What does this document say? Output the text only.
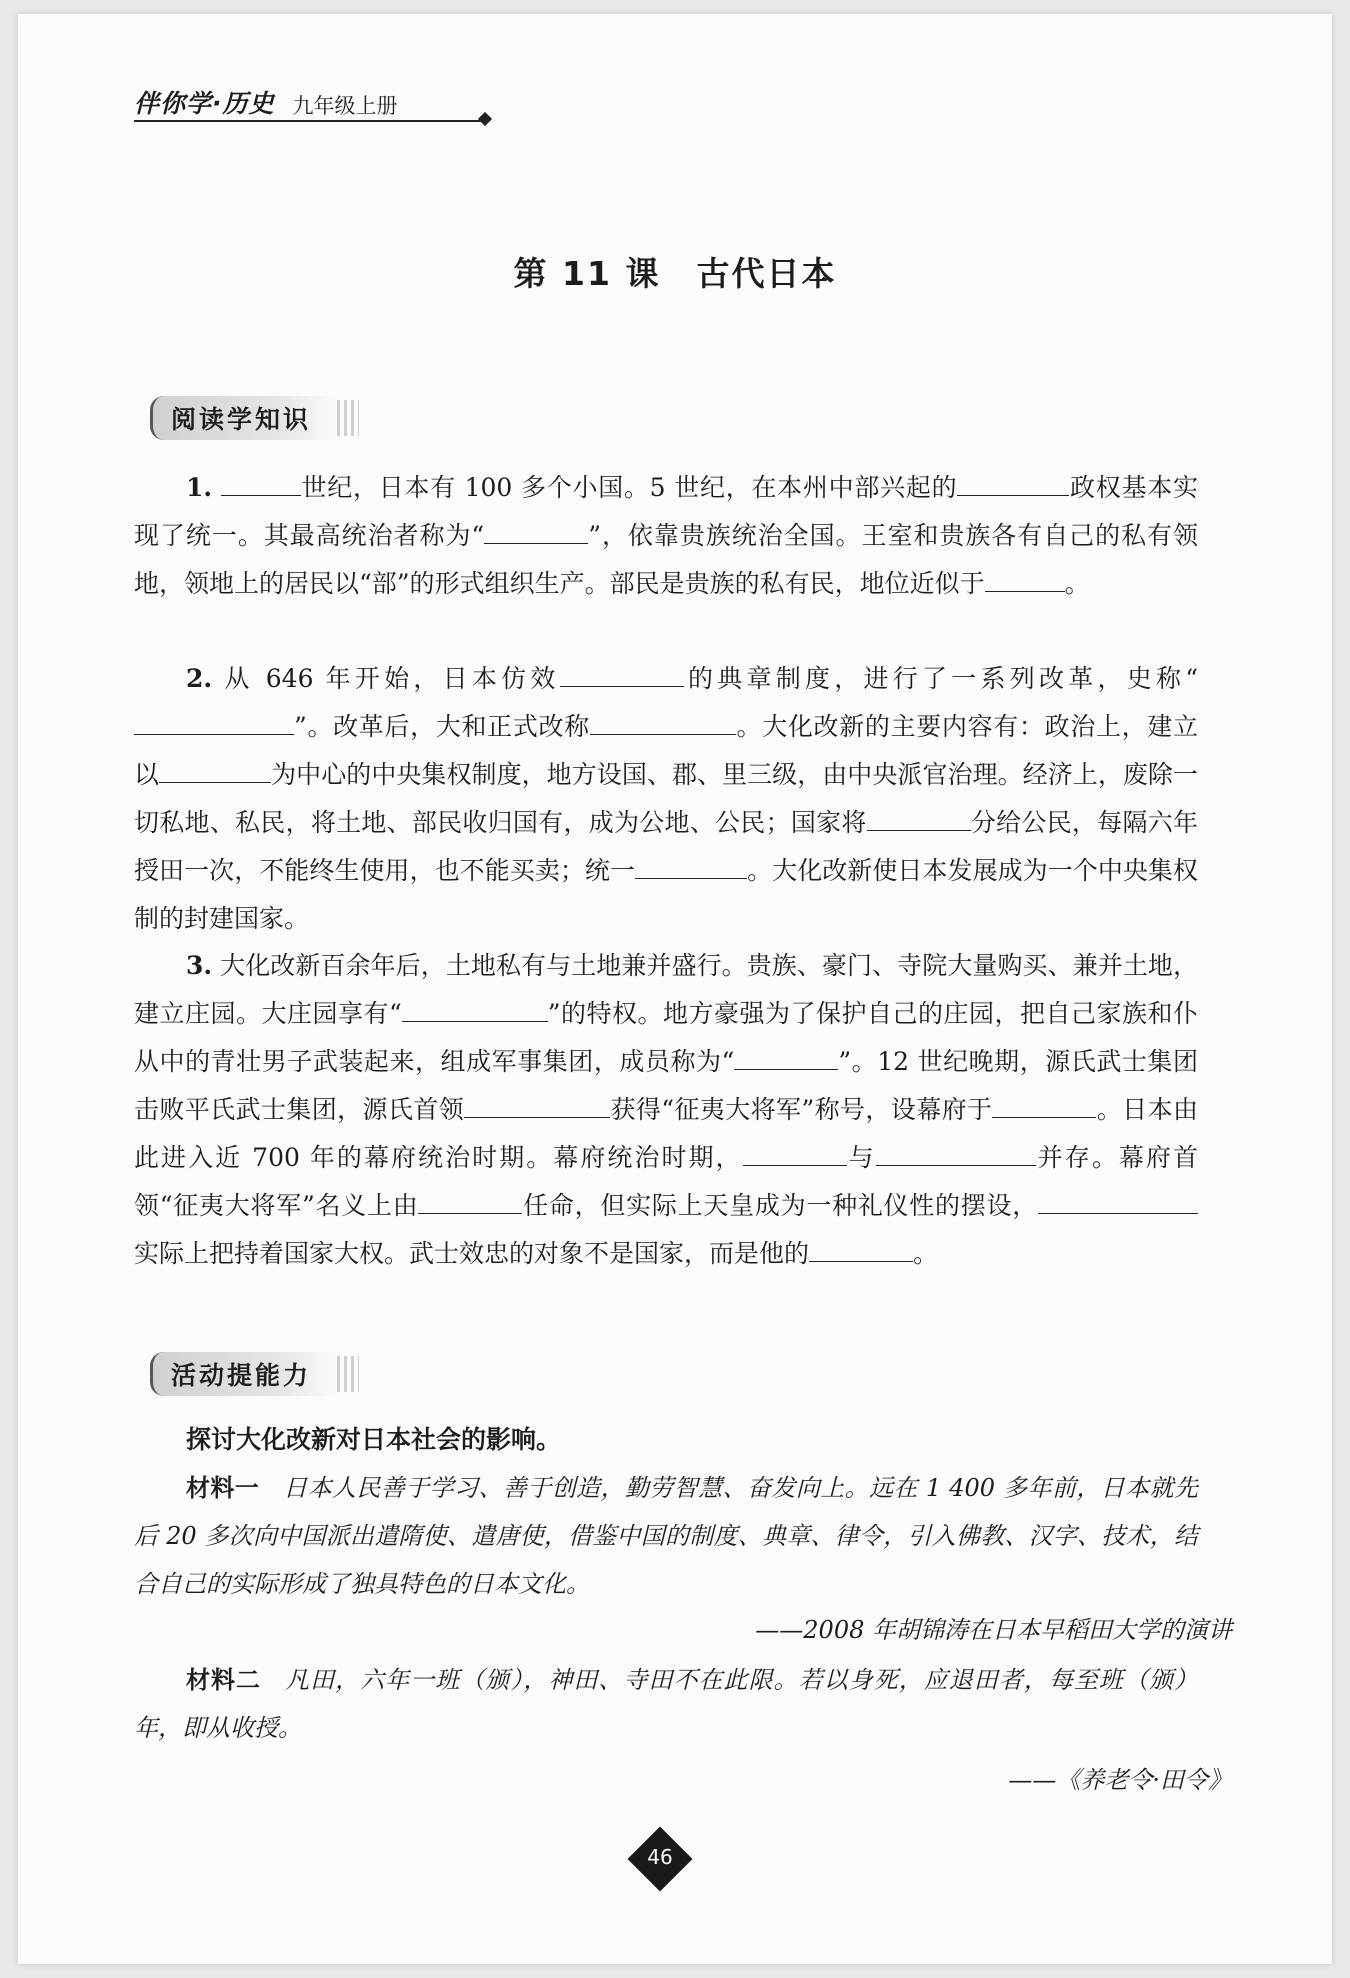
伴你学·历史 九年级上册
第 11 课 古代日本
阅读学知识

1.	世纪，日本有 100 多个小国。5 世纪，在本州中部兴起的	政权基本实现了统一。其最高统治者称为“	”，依靠贵族统治全国。王室和贵族各有自己的私有领地，领地上的居民以“部”的形式组织生产。部民是贵族的私有民，地位近似于	。

2. 从 646 年开始，日本仿效	的典章制度，进行了一系列改革，史称“”。改革后，大和正式改称	。大化改新的主要内容有：政治上，建立以	为中心的中央集权制度，地方设国、郡、里三级，由中央派官治理。经济上，废除一切私地、私民，将土地、部民收归国有，成为公地、公民；国家将	分给公民，每隔六年授田一次，不能终生使用，也不能买卖；统一	。大化改新使日本发展成为一个中央集权制的封建国家。

3. 大化改新百余年后，土地私有与土地兼并盛行。贵族、豪门、寺院大量购买、兼并土地，建立庄园。大庄园享有“	”的特权。地方豪强为了保护自己的庄园，把自己家族和仆从中的青壮男子武装起来，组成军事集团，成员称为“	”。12 世纪晚期，源氏武士集团击败平氏武士集团，源氏首领	获得“征夷大将军”称号，设幕府于	。日本由此进入近 700 年的幕府统治时期。幕府统治时期，	与	并存。幕府首领“征夷大将军”名义上由	任命，但实际上天皇成为一种礼仪性的摆设，实际上把持着国家大权。武士效忠的对象不是国家，而是他的	。

活动提能力
探讨大化改新对日本社会的影响。

材料一 日本人民善于学习、善于创造，勤劳智慧、奋发向上。远在 1 400 多年前，日本就先后 20 多次向中国派出遣隋使、遣唐使，借鉴中国的制度、典章、律令，引入佛教、汉字、技术，结合自己的实际形成了独具特色的日本文化。

——2008 年胡锦涛在日本早稻田大学的演讲

材料二 凡田，六年一班（颁），神田、寺田不在此限。若以身死，应退田者，每至班（颁）年，即从收授。

——《养老令·田令》
46
